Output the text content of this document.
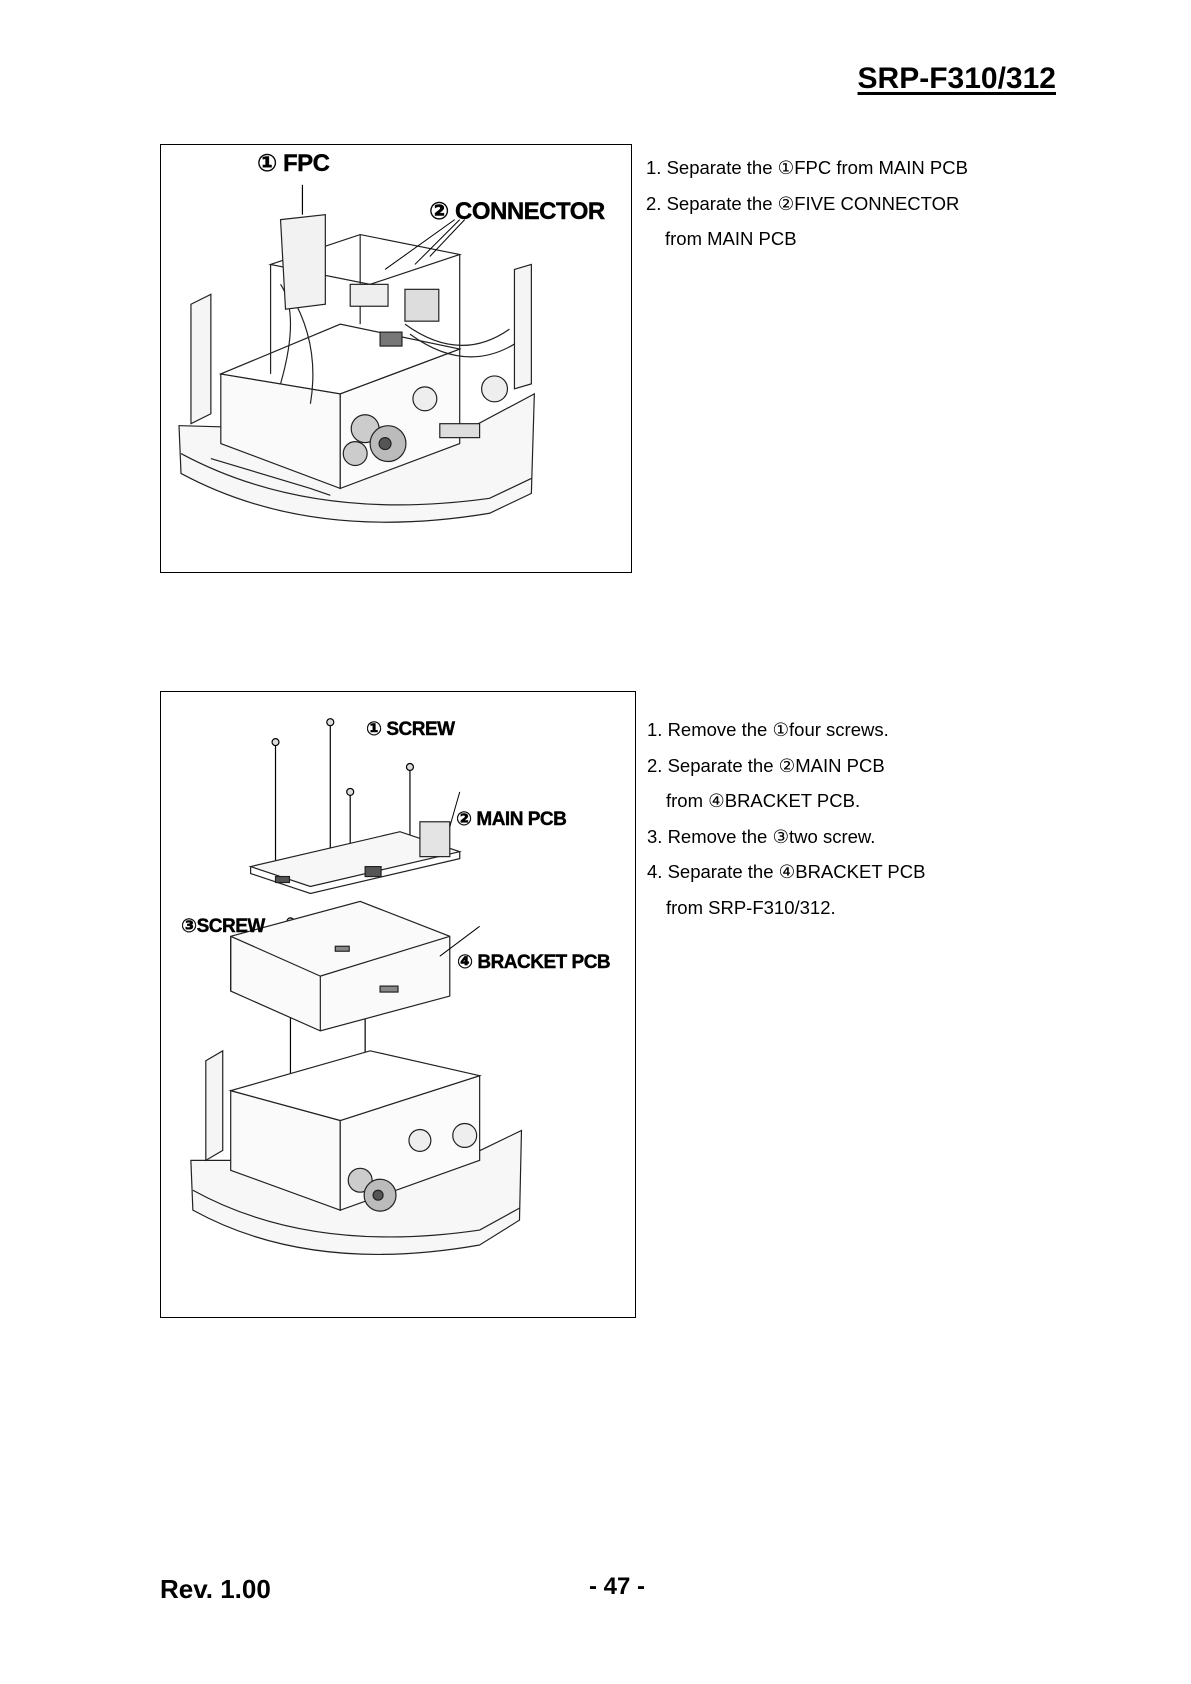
SRP-F310/312
① FPC
② CONNECTOR
1. Separate the ①FPC from MAIN PCB
2. Separate the ②FIVE CONNECTOR
from MAIN PCB
① SCREW
② MAIN PCB
③SCREW
④ BRACKET PCB
1. Remove the ①four screws.
2. Separate the ②MAIN PCB
from ④BRACKET PCB.
3. Remove the ③two screw.
4. Separate the ④BRACKET PCB
from SRP-F310/312.
Rev. 1.00	- 47 -
